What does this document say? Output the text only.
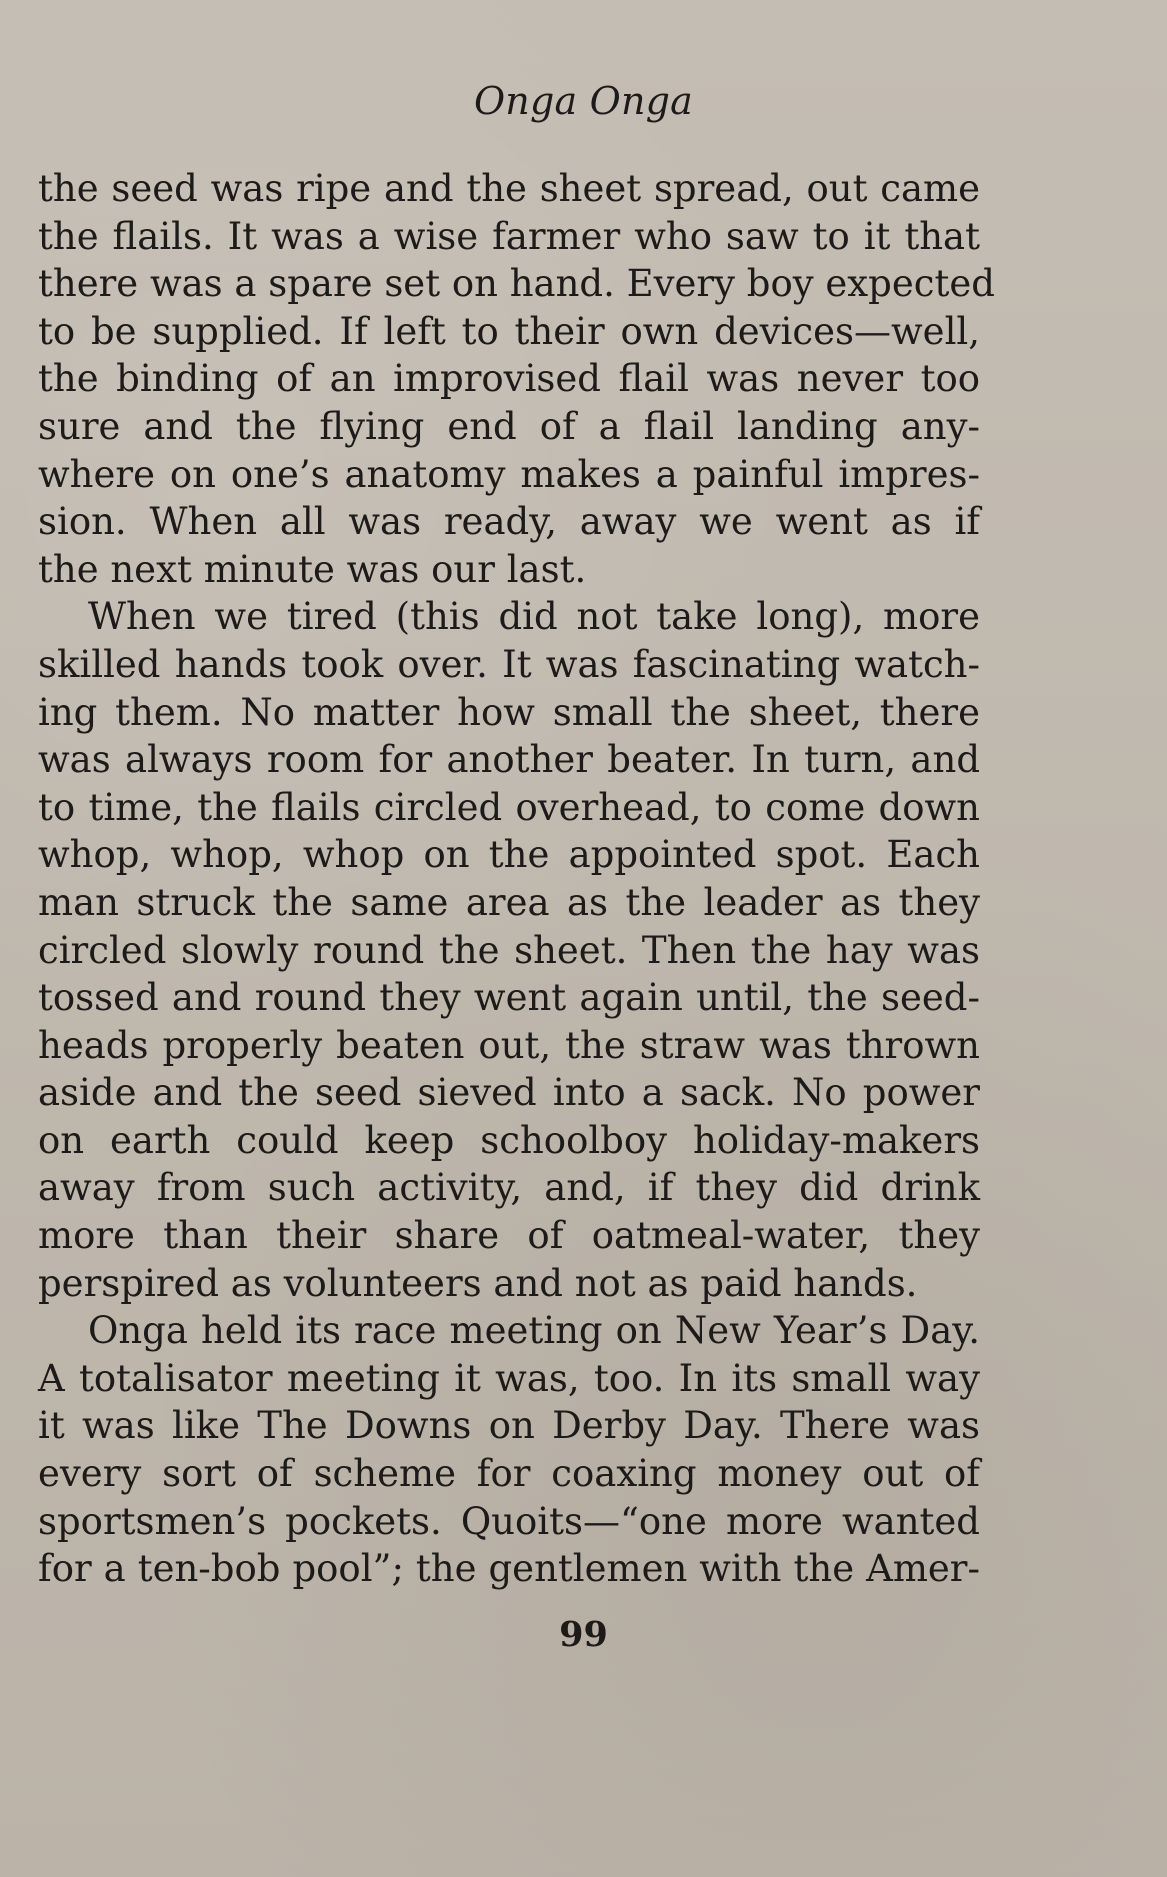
Onga Onga
the seed was ripe and the sheet spread, out came
the flails. It was a wise farmer who saw to it that
there was a spare set on hand. Every boy expected
to be supplied. If left to their own devices—well,
the binding of an improvised flail was never too
sure and the flying end of a flail landing any-
where on one’s anatomy makes a painful impres-
sion. When all was ready, away we went as if
the next minute was our last.
When we tired (this did not take long), more
skilled hands took over. It was fascinating watch-
ing them. No matter how small the sheet, there
was always room for another beater. In turn, and
to time, the flails circled overhead, to come down
whop, whop, whop on the appointed spot. Each
man struck the same area as the leader as they
circled slowly round the sheet. Then the hay was
tossed and round they went again until, the seed-
heads properly beaten out, the straw was thrown
aside and the seed sieved into a sack. No power
on earth could keep schoolboy holiday-makers
away from such activity, and, if they did drink
more than their share of oatmeal-water, they
perspired as volunteers and not as paid hands.
Onga held its race meeting on New Year’s Day.
A totalisator meeting it was, too. In its small way
it was like The Downs on Derby Day. There was
every sort of scheme for coaxing money out of
sportsmen’s pockets. Quoits—“one more wanted
for a ten-bob pool”; the gentlemen with the Amer-
99
